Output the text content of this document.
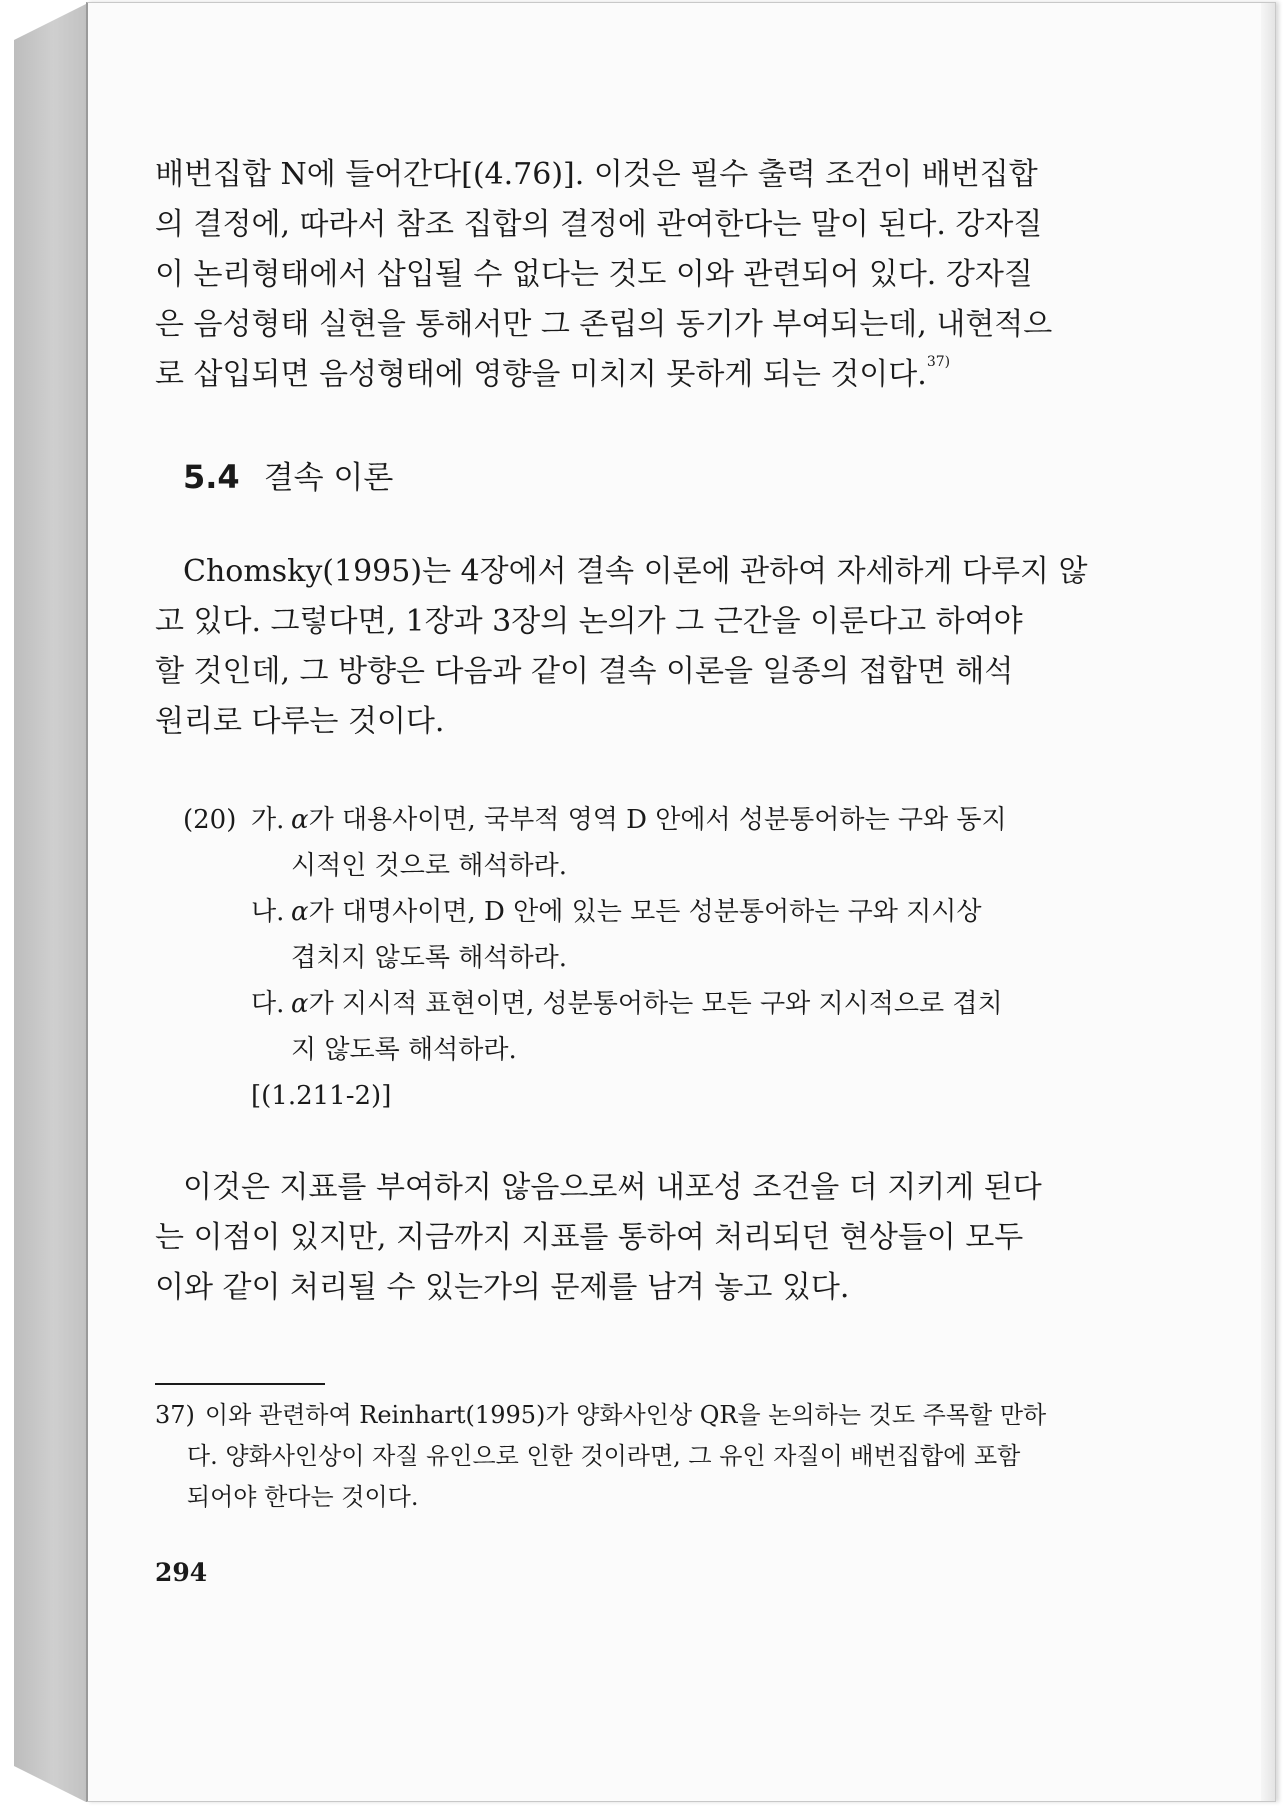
배번집합 N에 들어간다[(4.76)]. 이것은 필수 출력 조건이 배번집합

의 결정에, 따라서 참조 집합의 결정에 관여한다는 말이 된다. 강자질

이 논리형태에서 삽입될 수 없다는 것도 이와 관련되어 있다. 강자질

은 음성형태 실현을 통해서만 그 존립의 동기가 부여되는데, 내현적으

로 삽입되면 음성형태에 영향을 미치지 못하게 되는 것이다.$^{37)}$

5.4 결속 이론

Chomsky(1995)는 4장에서 결속 이론에 관하여 자세하게 다루지 않

고 있다. 그렇다면, 1장과 3장의 논의가 그 근간을 이룬다고 하여야

할 것인데, 그 방향은 다음과 같이 결속 이론을 일종의 접합면 해석

원리로 다루는 것이다.

(20) 가. α가 대용사이면, 국부적 영역 D 안에서 성분통어하는 구와 동지
시적인 것으로 해석하라.
나. α가 대명사이면, D 안에 있는 모든 성분통어하는 구와 지시상
겹치지 않도록 해석하라.
다. α가 지시적 표현이면, 성분통어하는 모든 구와 지시적으로 겹치
지 않도록 해석하라.
[(1.211-2)]

이것은 지표를 부여하지 않음으로써 내포성 조건을 더 지키게 된다

는 이점이 있지만, 지금까지 지표를 통하여 처리되던 현상들이 모두

이와 같이 처리될 수 있는가의 문제를 남겨 놓고 있다.

37) 이와 관련하여 Reinhart(1995)가 양화사인상 QR을 논의하는 것도 주목할 만하
다. 양화사인상이 자질 유인으로 인한 것이라면, 그 유인 자질이 배번집합에 포함
되어야 한다는 것이다.
294
